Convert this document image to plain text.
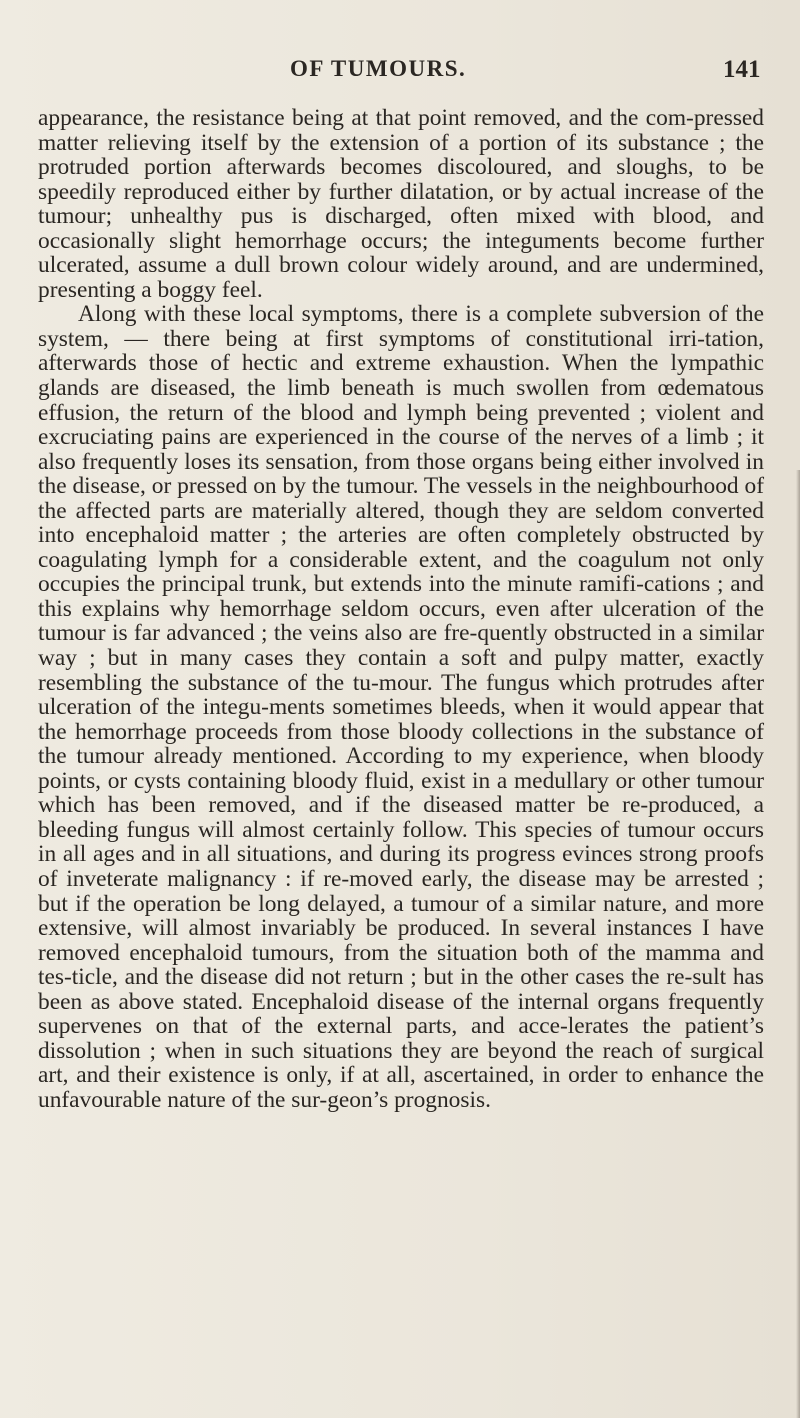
OF TUMOURS.	141

appearance, the resistance being at that point removed, and the com-pressed matter relieving itself by the extension of a portion of its substance ; the protruded portion afterwards becomes discoloured, and sloughs, to be speedily reproduced either by further dilatation, or by actual increase of the tumour; unhealthy pus is discharged, often mixed with blood, and occasionally slight hemorrhage occurs; the integuments become further ulcerated, assume a dull brown colour widely around, and are undermined, presenting a boggy feel.

Along with these local symptoms, there is a complete subversion of the system, — there being at first symptoms of constitutional irri-tation, afterwards those of hectic and extreme exhaustion. When the lympathic glands are diseased, the limb beneath is much swollen from œdematous effusion, the return of the blood and lymph being prevented ; violent and excruciating pains are experienced in the course of the nerves of a limb ; it also frequently loses its sensation, from those organs being either involved in the disease, or pressed on by the tumour. The vessels in the neighbourhood of the affected parts are materially altered, though they are seldom converted into encephaloid matter ; the arteries are often completely obstructed by coagulating lymph for a considerable extent, and the coagulum not only occupies the principal trunk, but extends into the minute ramifi-cations ; and this explains why hemorrhage seldom occurs, even after ulceration of the tumour is far advanced ; the veins also are fre-quently obstructed in a similar way ; but in many cases they contain a soft and pulpy matter, exactly resembling the substance of the tu-mour. The fungus which protrudes after ulceration of the integu-ments sometimes bleeds, when it would appear that the hemorrhage proceeds from those bloody collections in the substance of the tumour already mentioned. According to my experience, when bloody points, or cysts containing bloody fluid, exist in a medullary or other tumour which has been removed, and if the diseased matter be re-produced, a bleeding fungus will almost certainly follow. This species of tumour occurs in all ages and in all situations, and during its progress evinces strong proofs of inveterate malignancy : if re-moved early, the disease may be arrested ; but if the operation be long delayed, a tumour of a similar nature, and more extensive, will almost invariably be produced. In several instances I have removed encephaloid tumours, from the situation both of the mamma and tes-ticle, and the disease did not return ; but in the other cases the re-sult has been as above stated. Encephaloid disease of the internal organs frequently supervenes on that of the external parts, and acce-lerates the patient’s dissolution ; when in such situations they are beyond the reach of surgical art, and their existence is only, if at all, ascertained, in order to enhance the unfavourable nature of the sur-geon’s prognosis.
